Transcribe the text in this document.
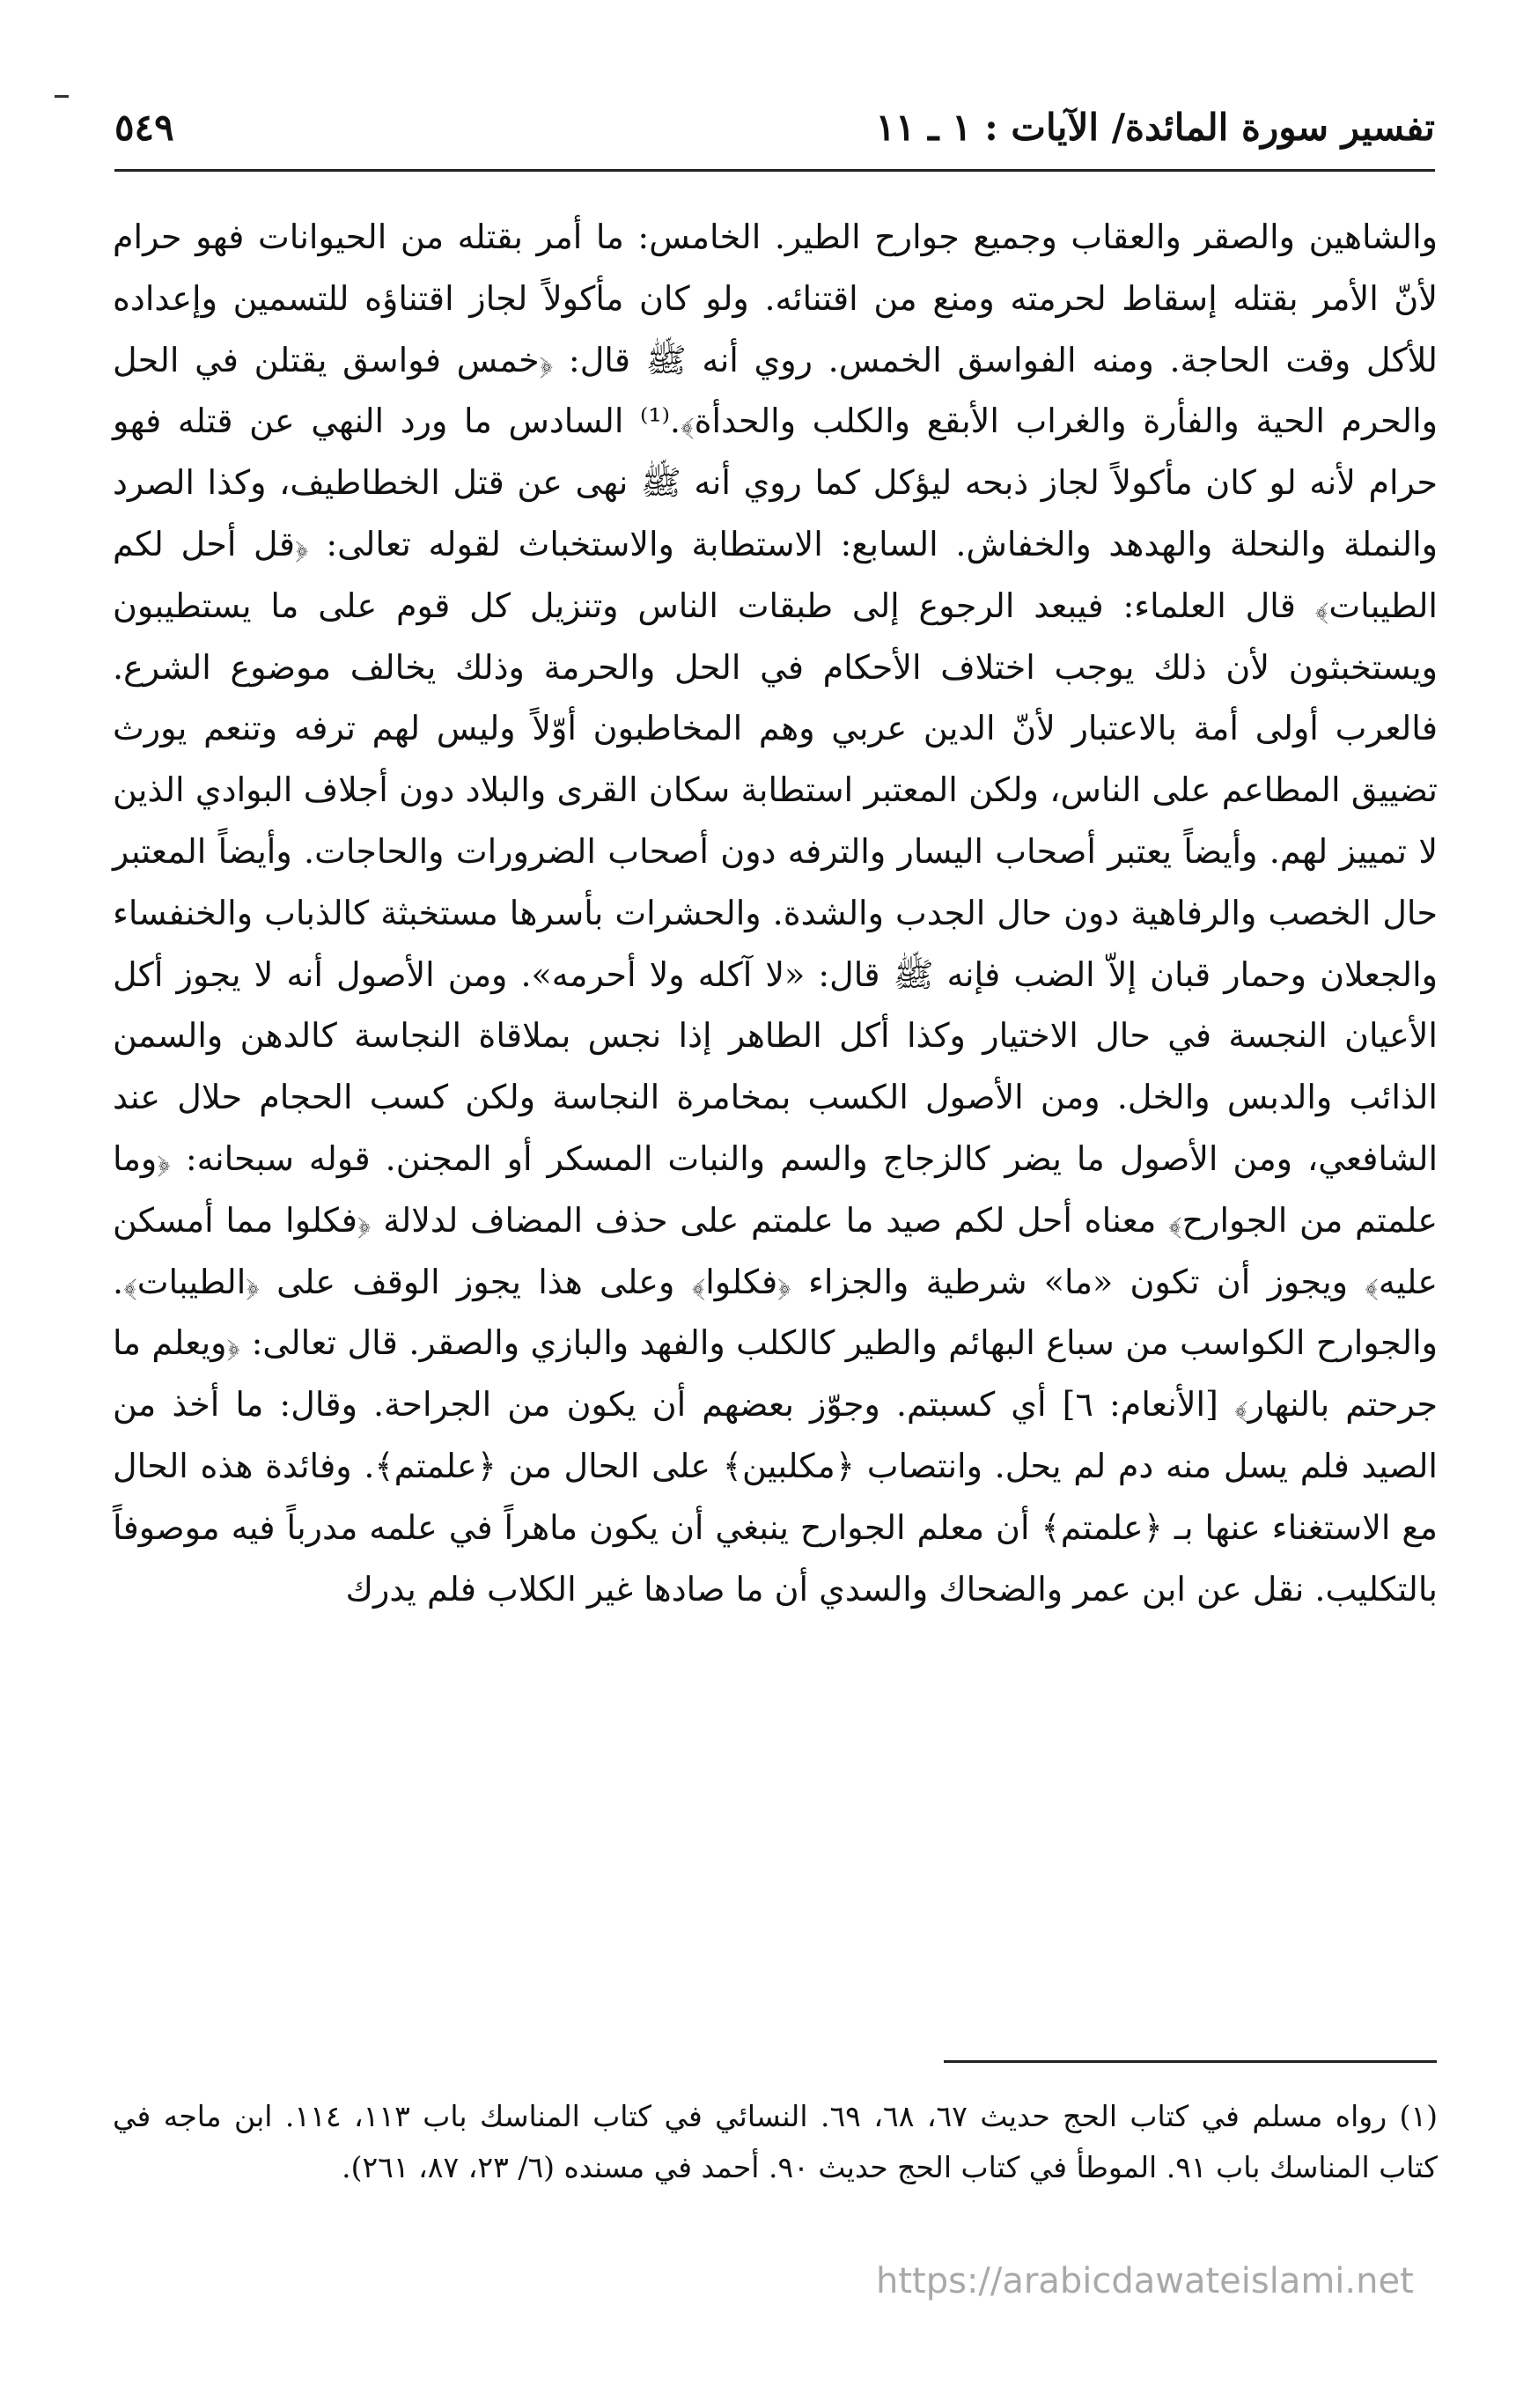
تفسير سورة المائدة/ الآيات : ١ ـ ١١
٥٤٩

والشاهين والصقر والعقاب وجميع جوارح الطير. الخامس: ما أمر بقتله من الحيوانات فهو حرام لأنّ الأمر بقتله إسقاط لحرمته ومنع من اقتنائه. ولو كان مأكولاً لجاز اقتناؤه للتسمين وإعداده للأكل وقت الحاجة. ومنه الفواسق الخمس. روي أنه ﷺ قال: ﴿خمس فواسق يقتلن في الحل والحرم الحية والفأرة والغراب الأبقع والكلب والحدأة﴾.⁽¹⁾ السادس ما ورد النهي عن قتله فهو حرام لأنه لو كان مأكولاً لجاز ذبحه ليؤكل كما روي أنه ﷺ نهى عن قتل الخطاطيف، وكذا الصرد والنملة والنحلة والهدهد والخفاش. السابع: الاستطابة والاستخباث لقوله تعالى: ﴿قل أحل لكم الطيبات﴾ قال العلماء: فيبعد الرجوع إلى طبقات الناس وتنزيل كل قوم على ما يستطيبون ويستخبثون لأن ذلك يوجب اختلاف الأحكام في الحل والحرمة وذلك يخالف موضوع الشرع. فالعرب أولى أمة بالاعتبار لأنّ الدين عربي وهم المخاطبون أوّلاً وليس لهم ترفه وتنعم يورث تضييق المطاعم على الناس، ولكن المعتبر استطابة سكان القرى والبلاد دون أجلاف البوادي الذين لا تمييز لهم. وأيضاً يعتبر أصحاب اليسار والترفه دون أصحاب الضرورات والحاجات. وأيضاً المعتبر حال الخصب والرفاهية دون حال الجدب والشدة. والحشرات بأسرها مستخبثة كالذباب والخنفساء والجعلان وحمار قبان إلاّ الضب فإنه ﷺ قال: «لا آكله ولا أحرمه». ومن الأصول أنه لا يجوز أكل الأعيان النجسة في حال الاختيار وكذا أكل الطاهر إذا نجس بملاقاة النجاسة كالدهن والسمن الذائب والدبس والخل. ومن الأصول الكسب بمخامرة النجاسة ولكن كسب الحجام حلال عند الشافعي، ومن الأصول ما يضر كالزجاج والسم والنبات المسكر أو المجنن. قوله سبحانه: ﴿وما علمتم من الجوارح﴾ معناه أحل لكم صيد ما علمتم على حذف المضاف لدلالة ﴿فكلوا مما أمسكن عليه﴾ ويجوز أن تكون «ما» شرطية والجزاء ﴿فكلوا﴾ وعلى هذا يجوز الوقف على ﴿الطيبات﴾. والجوارح الكواسب من سباع البهائم والطير كالكلب والفهد والبازي والصقر. قال تعالى: ﴿ويعلم ما جرحتم بالنهار﴾ [الأنعام: ٦] أي كسبتم. وجوّز بعضهم أن يكون من الجراحة. وقال: ما أخذ من الصيد فلم يسل منه دم لم يحل. وانتصاب ﴿مكلبين﴾ على الحال من ﴿علمتم﴾. وفائدة هذه الحال مع الاستغناء عنها بـ ﴿علمتم﴾ أن معلم الجوارح ينبغي أن يكون ماهراً في علمه مدرباً فيه موصوفاً بالتكليب. نقل عن ابن عمر والضحاك والسدي أن ما صادها غير الكلاب فلم يدرك

(١) رواه مسلم في كتاب الحج حديث ٦٧، ٦٨، ٦٩. النسائي في كتاب المناسك باب ١١٣، ١١٤. ابن ماجه في كتاب المناسك باب ٩١. الموطأ في كتاب الحج حديث ٩٠. أحمد في مسنده (٦/ ٢٣، ٨٧، ٢٦١).

https://arabicdawateislami.net
